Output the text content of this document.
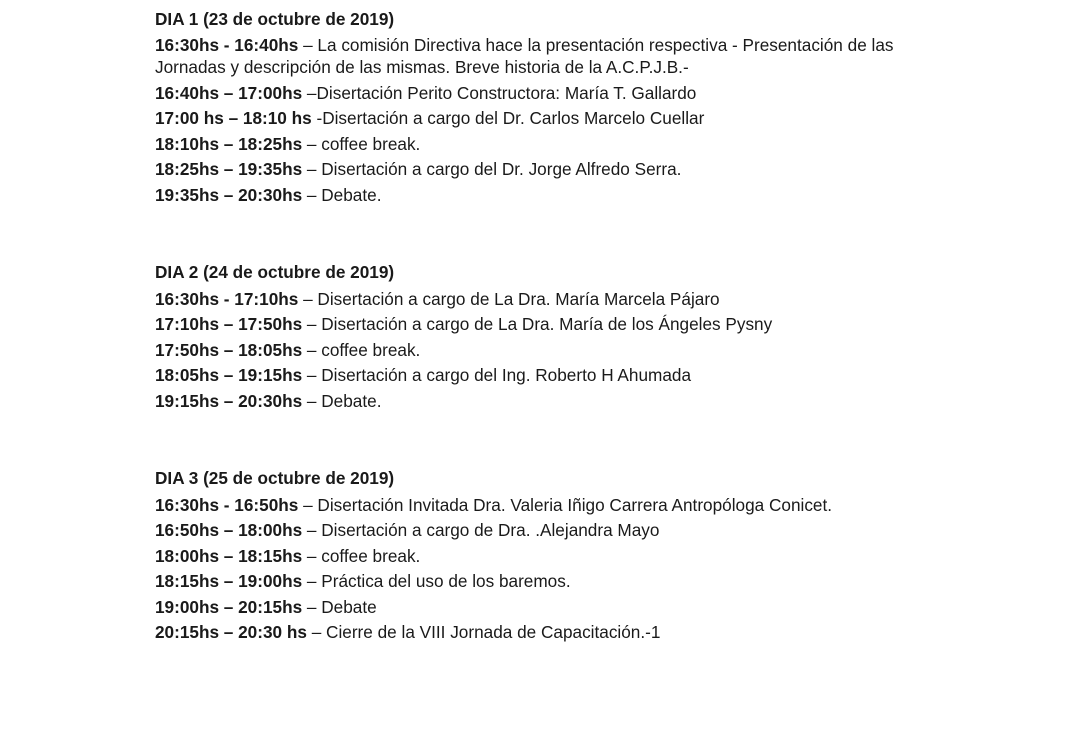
DIA 1 (23 de octubre de 2019)
16:30hs - 16:40hs – La comisión Directiva hace la presentación respectiva - Presentación de las Jornadas y descripción de las mismas. Breve historia de la A.C.P.J.B.-
16:40hs – 17:00hs –Disertación Perito Constructora: María T. Gallardo
17:00 hs – 18:10 hs -Disertación a cargo del Dr. Carlos Marcelo Cuellar
18:10hs – 18:25hs – coffee break.
18:25hs – 19:35hs – Disertación a cargo del Dr. Jorge Alfredo Serra.
19:35hs – 20:30hs – Debate.
DIA 2 (24 de octubre de 2019)
16:30hs - 17:10hs – Disertación a cargo de La Dra. María Marcela Pájaro
17:10hs – 17:50hs – Disertación a cargo de La Dra. María de los Ángeles Pysny
17:50hs – 18:05hs – coffee break.
18:05hs – 19:15hs – Disertación a cargo del Ing. Roberto H Ahumada
19:15hs – 20:30hs – Debate.
DIA 3 (25 de octubre de 2019)
16:30hs - 16:50hs – Disertación Invitada Dra. Valeria Iñigo Carrera Antropóloga Conicet.
16:50hs – 18:00hs – Disertación a cargo de Dra. .Alejandra Mayo
18:00hs – 18:15hs – coffee break.
18:15hs – 19:00hs – Práctica del uso de los baremos.
19:00hs – 20:15hs – Debate
20:15hs – 20:30 hs – Cierre de la VIII Jornada de Capacitación.-1
